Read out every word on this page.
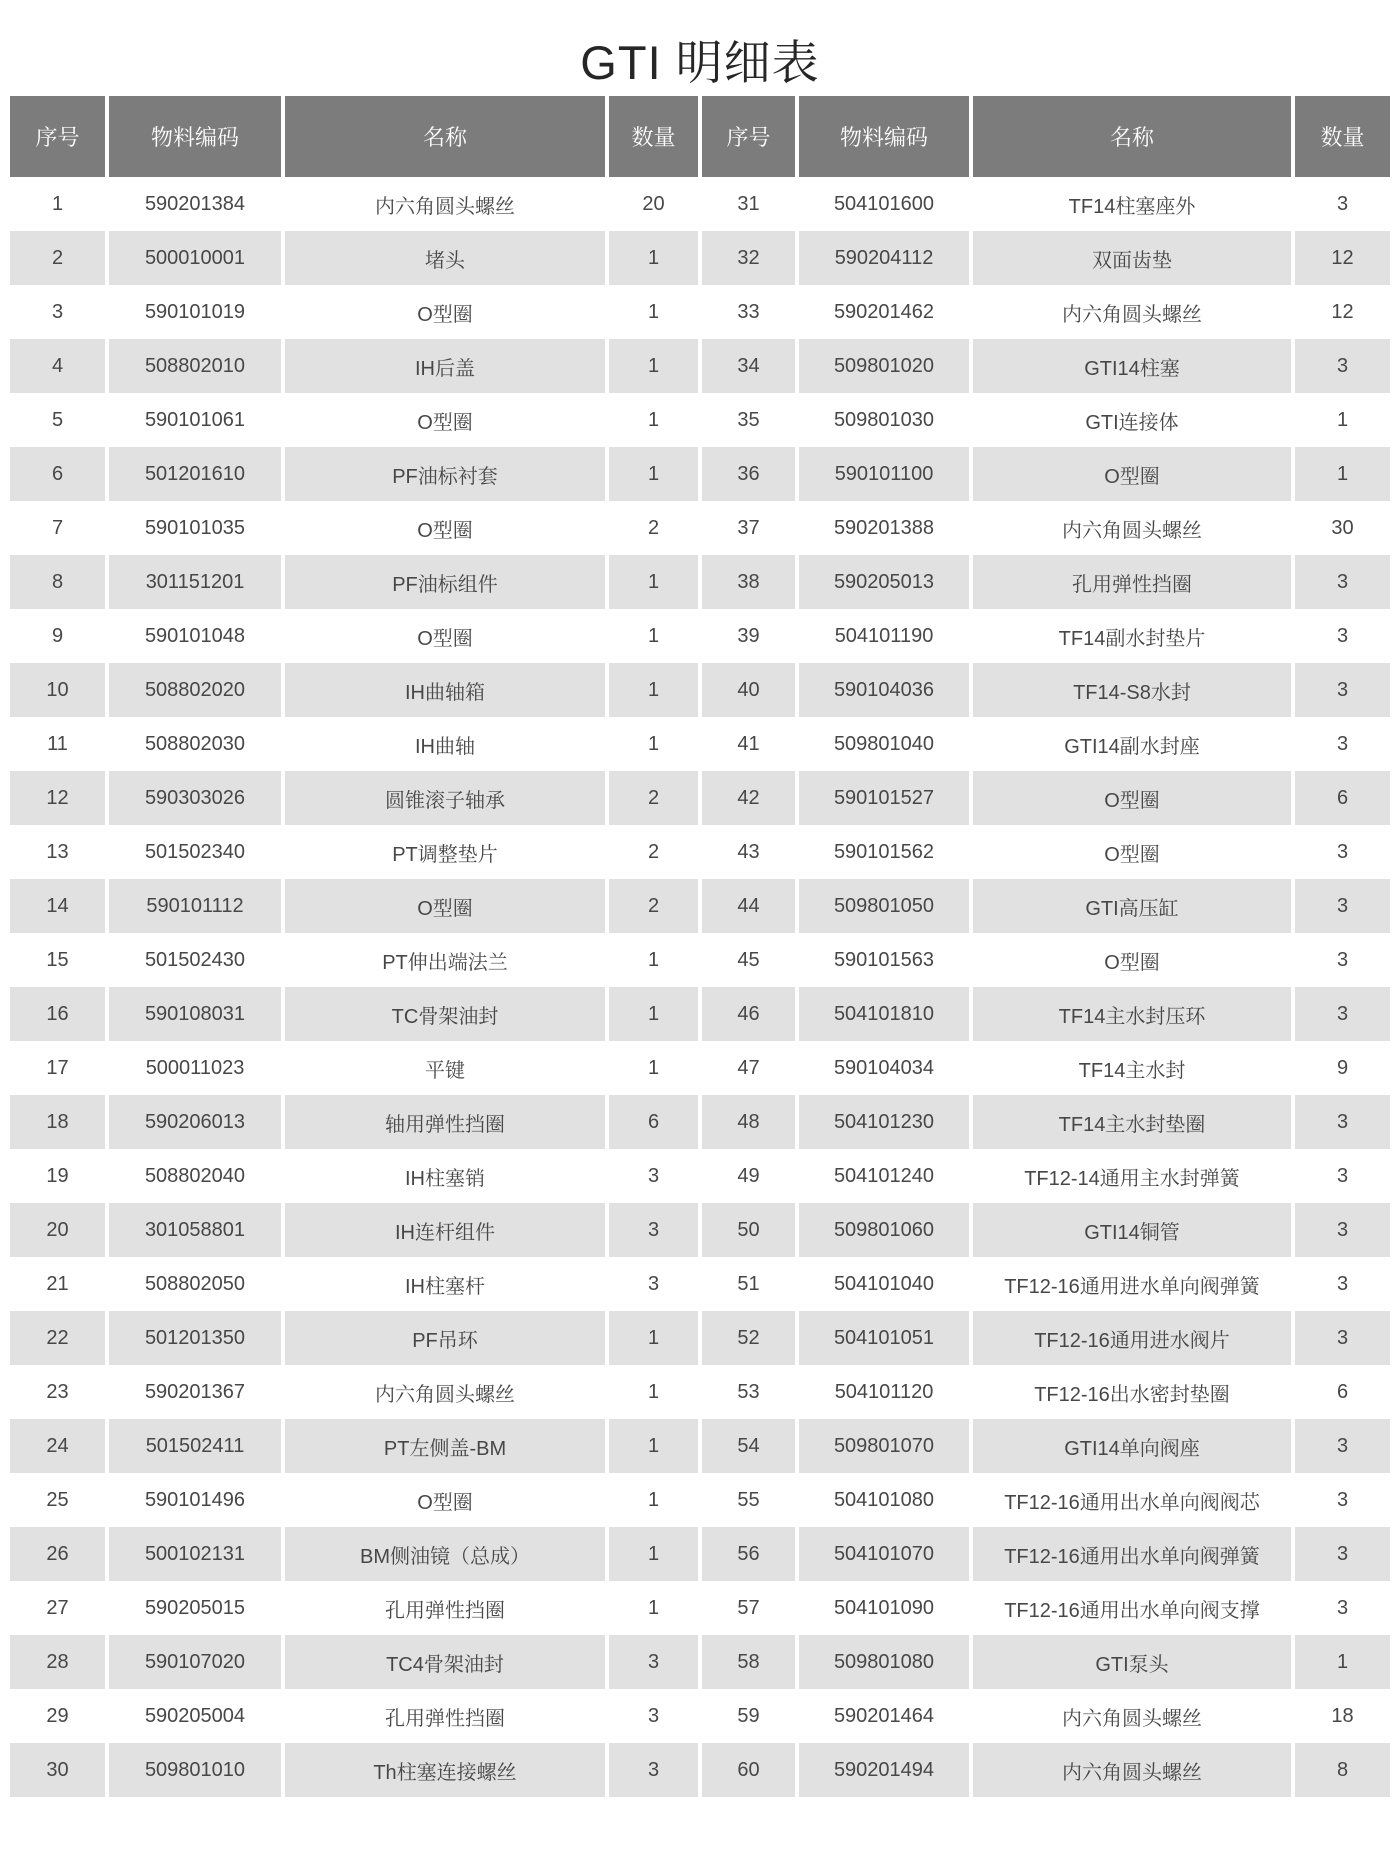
GTI 明细表
序号	物料编码	名称	数量	序号	物料编码	名称	数量
1	590201384	内六角圆头螺丝	20	31	504101600	TF14柱塞座外	3
2	500010001	堵头	1	32	590204112	双面齿垫	12
3	590101019	O型圈	1	33	590201462	内六角圆头螺丝	12
4	508802010	IH后盖	1	34	509801020	GTI14柱塞	3
5	590101061	O型圈	1	35	509801030	GTI连接体	1
6	501201610	PF油标衬套	1	36	590101100	O型圈	1
7	590101035	O型圈	2	37	590201388	内六角圆头螺丝	30
8	301151201	PF油标组件	1	38	590205013	孔用弹性挡圈	3
9	590101048	O型圈	1	39	504101190	TF14副水封垫片	3
10	508802020	IH曲轴箱	1	40	590104036	TF14-S8水封	3
11	508802030	IH曲轴	1	41	509801040	GTI14副水封座	3
12	590303026	圆锥滚子轴承	2	42	590101527	O型圈	6
13	501502340	PT调整垫片	2	43	590101562	O型圈	3
14	590101112	O型圈	2	44	509801050	GTI高压缸	3
15	501502430	PT伸出端法兰	1	45	590101563	O型圈	3
16	590108031	TC骨架油封	1	46	504101810	TF14主水封压环	3
17	500011023	平键	1	47	590104034	TF14主水封	9
18	590206013	轴用弹性挡圈	6	48	504101230	TF14主水封垫圈	3
19	508802040	IH柱塞销	3	49	504101240	TF12-14通用主水封弹簧	3
20	301058801	IH连杆组件	3	50	509801060	GTI14铜管	3
21	508802050	IH柱塞杆	3	51	504101040	TF12-16通用进水单向阀弹簧	3
22	501201350	PF吊环	1	52	504101051	TF12-16通用进水阀片	3
23	590201367	内六角圆头螺丝	1	53	504101120	TF12-16出水密封垫圈	6
24	501502411	PT左侧盖-BM	1	54	509801070	GTI14单向阀座	3
25	590101496	O型圈	1	55	504101080	TF12-16通用出水单向阀阀芯	3
26	500102131	BM侧油镜（总成）	1	56	504101070	TF12-16通用出水单向阀弹簧	3
27	590205015	孔用弹性挡圈	1	57	504101090	TF12-16通用出水单向阀支撑	3
28	590107020	TC4骨架油封	3	58	509801080	GTI泵头	1
29	590205004	孔用弹性挡圈	3	59	590201464	内六角圆头螺丝	18
30	509801010	Th柱塞连接螺丝	3	60	590201494	内六角圆头螺丝	8
